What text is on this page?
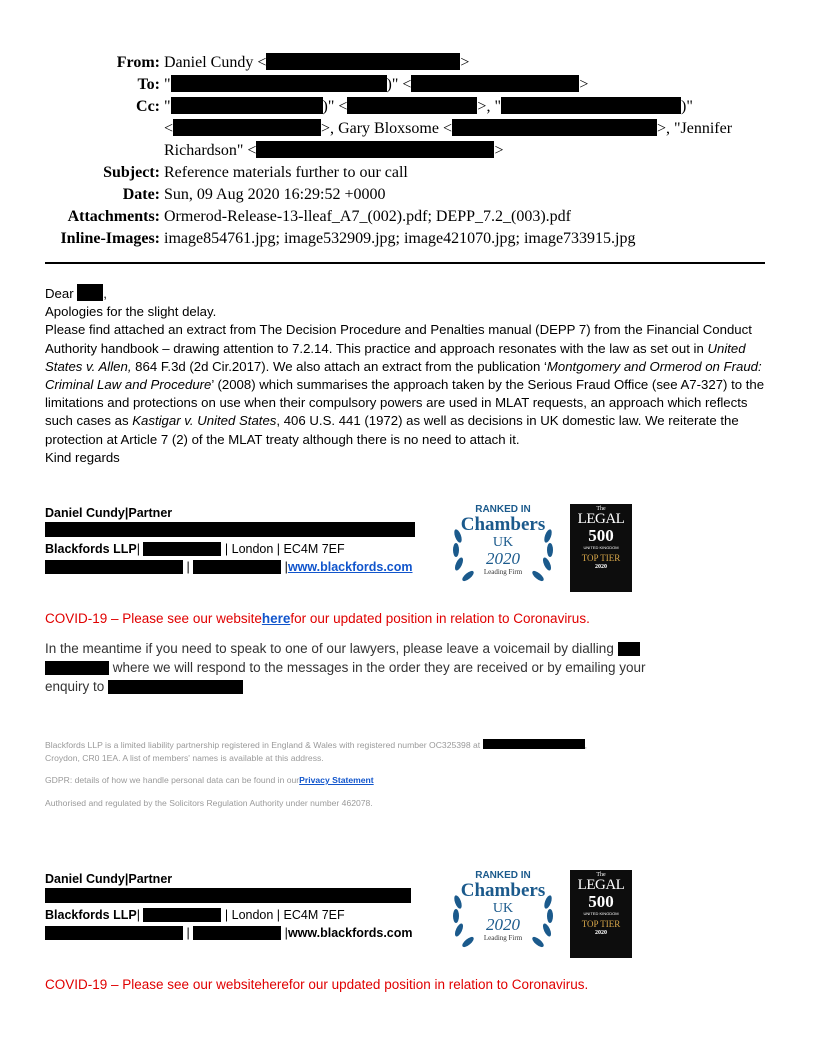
From: Daniel Cundy <	>
To: "	)" <	>
Cc: "	)" <	>, "	)"
<	>, Gary Bloxsome <	>, "Jennifer
Richardson" <	>
Subject: Reference materials further to our call
Date: Sun, 09 Aug 2020 16:29:52 +0000
Attachments: Ormerod-Release-13-lleaf_A7_(002).pdf; DEPP_7.2_(003).pdf
Inline-Images: image854761.jpg; image532909.jpg; image421070.jpg; image733915.jpg

Dear ,

Apologies for the slight delay.

Please find attached an extract from The Decision Procedure and Penalties manual (DEPP 7) from the Financial Conduct Authority handbook – drawing attention to 7.2.14. This practice and approach resonates with the law as set out in United States v. Allen, 864 F.3d (2d Cir.2017). We also attach an extract from the publication ‘Montgomery and Ormerod on Fraud: Criminal Law and Procedure’ (2008) which summarises the approach taken by the Serious Fraud Office (see A7-327) to the limitations and protections on use when their compulsory powers are used in MLAT requests, an approach which reflects such cases as Kastigar v. United States, 406 U.S. 441 (1972) as well as decisions in UK domestic law. We reiterate the protection at Article 7 (2) of the MLAT treaty although there is no need to attach it.

Kind regards

Daniel Cundy|Partner
Blackfords LLP|	| London | EC4M 7EF
|	|www.blackfords.com
RANKED IN
Chambers
UK
2020
Leading Firm
The
LEGAL
500
UNITED KINGDOM
TOP TIER
2020
COVID-19 – Please see our websiteherefor our updated position in relation to Coronavirus.
In the meantime if you need to speak to one of our lawyers, please leave a voicemail by dialling
where we will respond to the messages in the order they are received or by emailing your
enquiry to
Blackfords LLP is a limited liability partnership registered in England & Wales with registered number OC325398 at	,
Croydon, CR0 1EA. A list of members' names is available at this address.
GDPR: details of how we handle personal data can be found in ourPrivacy Statement
Authorised and regulated by the Solicitors Regulation Authority under number 462078.
Daniel Cundy|Partner
Blackfords LLP|	| London | EC4M 7EF
|	|www.blackfords.com
RANKED IN
Chambers
UK
2020
Leading Firm
The
LEGAL
500
UNITED KINGDOM
TOP TIER
2020
COVID-19 – Please see our websiteherefor our updated position in relation to Coronavirus.
